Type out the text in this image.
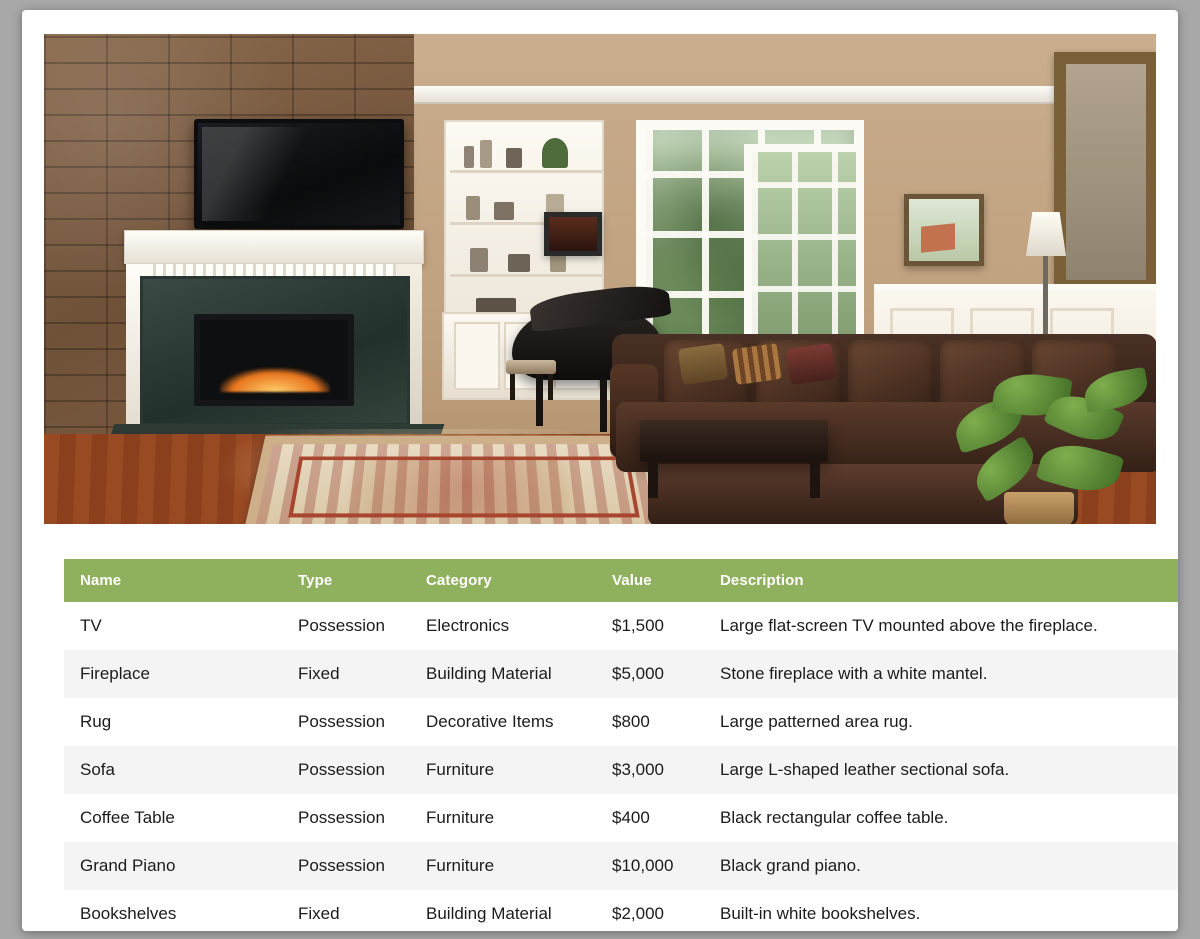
Name	Type	Category	Value	Description
TV	Possession	Electronics	$1,500	Large flat-screen TV mounted above the fireplace.
Fireplace	Fixed	Building Material	$5,000	Stone fireplace with a white mantel.
Rug	Possession	Decorative Items	$800	Large patterned area rug.
Sofa	Possession	Furniture	$3,000	Large L-shaped leather sectional sofa.
Coffee Table	Possession	Furniture	$400	Black rectangular coffee table.
Grand Piano	Possession	Furniture	$10,000	Black grand piano.
Bookshelves	Fixed	Building Material	$2,000	Built-in white bookshelves.
